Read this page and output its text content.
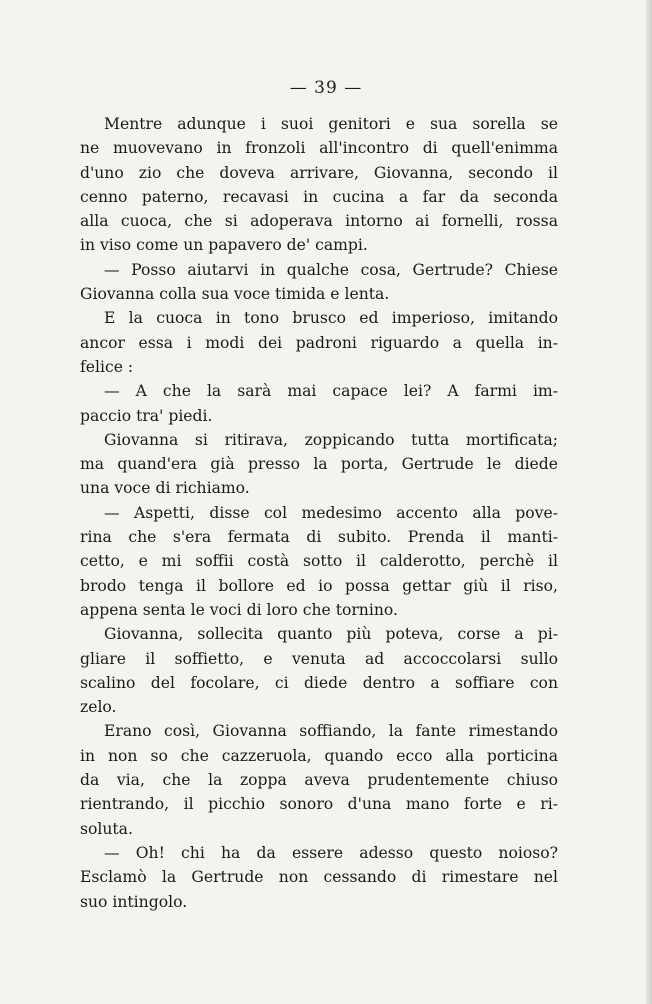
— 39 —
Mentre adunque i suoi genitori e sua sorella se
ne muovevano in fronzoli all'incontro di quell'enimma
d'uno zio che doveva arrivare, Giovanna, secondo il
cenno paterno, recavasi in cucina a far da seconda
alla cuoca, che si adoperava intorno ai fornelli, rossa
in viso come un papavero de' campi.
— Posso aiutarvi in qualche cosa, Gertrude? Chiese
Giovanna colla sua voce timida e lenta.
E la cuoca in tono brusco ed imperioso, imitando
ancor essa i modi dei padroni riguardo a quella in-
felice :
— A che la sarà mai capace lei? A farmi im-
paccio tra' piedi.
Giovanna si ritirava, zoppicando tutta mortificata;
ma quand'era già presso la porta, Gertrude le diede
una voce di richiamo.
— Aspetti, disse col medesimo accento alla pove-
rina che s'era fermata di subito. Prenda il manti-
cetto, e mi soffii costà sotto il calderotto, perchè il
brodo tenga il bollore ed io possa gettar giù il riso,
appena senta le voci di loro che tornino.
Giovanna, sollecita quanto più poteva, corse a pi-
gliare il soffietto, e venuta ad accoccolarsi sullo
scalino del focolare, ci diede dentro a soffiare con
zelo.
Erano così, Giovanna soffiando, la fante rimestando
in non so che cazzeruola, quando ecco alla porticina
da via, che la zoppa aveva prudentemente chiuso
rientrando, il picchio sonoro d'una mano forte e ri-
soluta.
— Oh! chi ha da essere adesso questo noioso?
Esclamò la Gertrude non cessando di rimestare nel
suo intingolo.
